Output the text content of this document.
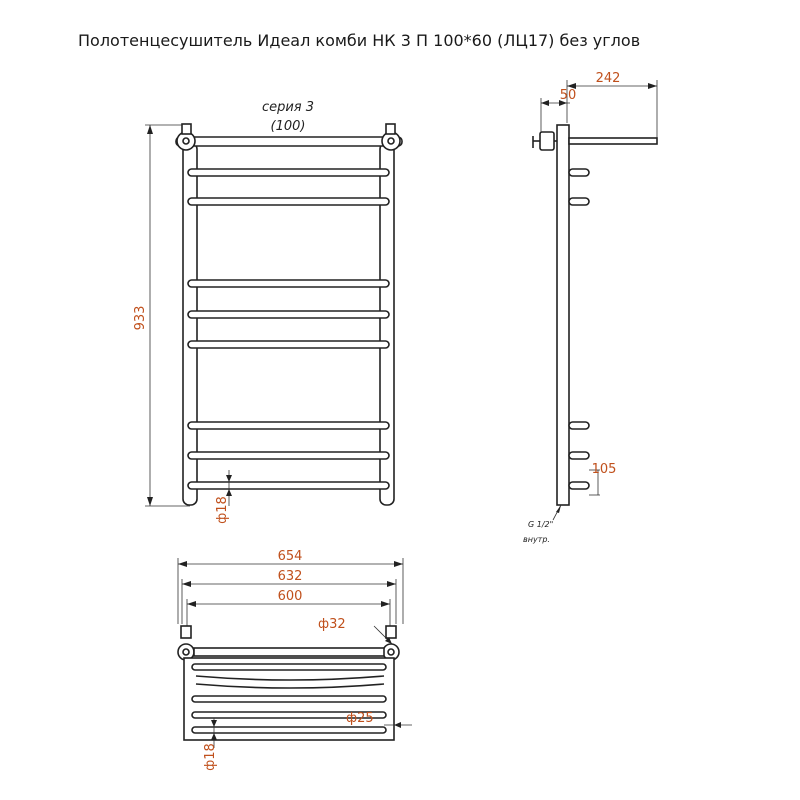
Полотенцесушитель Идеал комби НК 3 П 100*60 (ЛЦ17) без углов
серия 3
(100)
933
ф18
242
50
105
G 1/2"
внутр.
654
632
600
ф32
ф25
ф18
